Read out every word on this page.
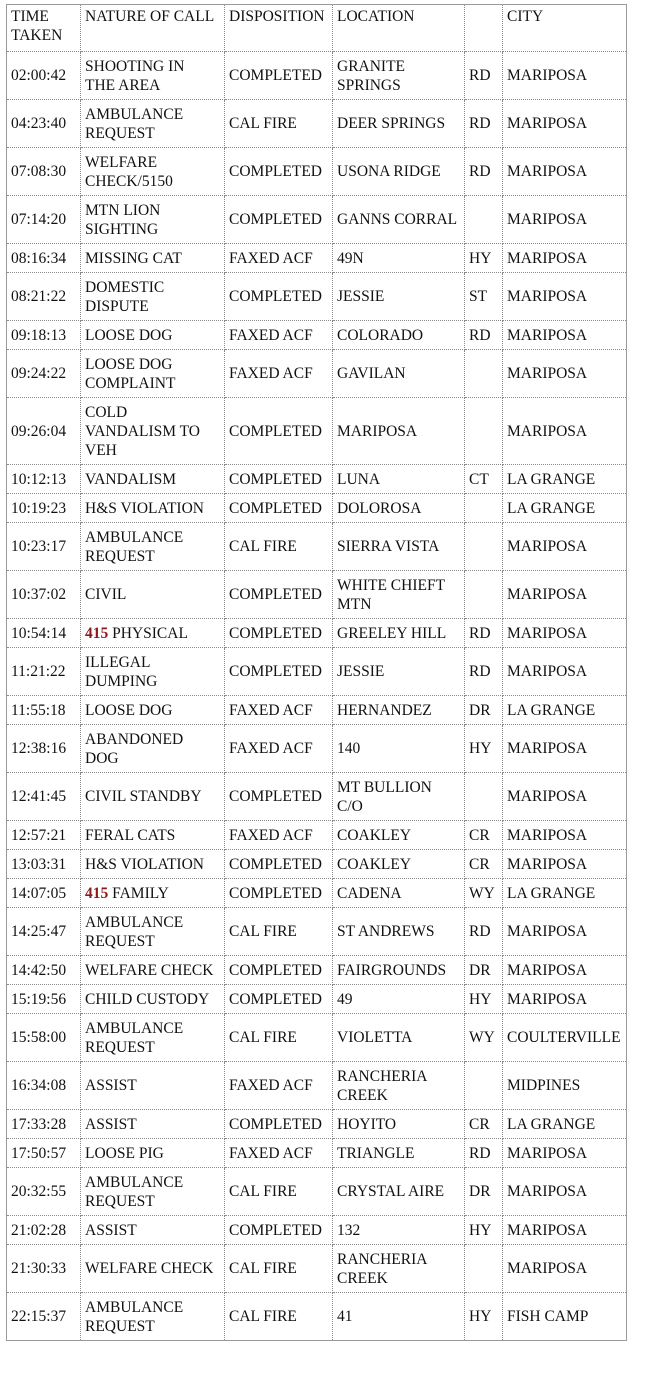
TIME
TAKEN	NATURE OF CALL	DISPOSITION	LOCATION		CITY
02:00:42	SHOOTING IN
THE AREA	COMPLETED	GRANITE
SPRINGS	RD	MARIPOSA
04:23:40	AMBULANCE
REQUEST	CAL FIRE	DEER SPRINGS	RD	MARIPOSA
07:08:30	WELFARE
CHECK/5150	COMPLETED	USONA RIDGE	RD	MARIPOSA
07:14:20	MTN LION
SIGHTING	COMPLETED	GANNS CORRAL		MARIPOSA
08:16:34	MISSING CAT	FAXED ACF	49N	HY	MARIPOSA
08:21:22	DOMESTIC
DISPUTE	COMPLETED	JESSIE	ST	MARIPOSA
09:18:13	LOOSE DOG	FAXED ACF	COLORADO	RD	MARIPOSA
09:24:22	LOOSE DOG
COMPLAINT	FAXED ACF	GAVILAN		MARIPOSA
09:26:04	COLD
VANDALISM TO
VEH	COMPLETED	MARIPOSA		MARIPOSA
10:12:13	VANDALISM	COMPLETED	LUNA	CT	LA GRANGE
10:19:23	H&S VIOLATION	COMPLETED	DOLOROSA		LA GRANGE
10:23:17	AMBULANCE
REQUEST	CAL FIRE	SIERRA VISTA		MARIPOSA
10:37:02	CIVIL	COMPLETED	WHITE CHIEFT
MTN		MARIPOSA
10:54:14	415 PHYSICAL	COMPLETED	GREELEY HILL	RD	MARIPOSA
11:21:22	ILLEGAL
DUMPING	COMPLETED	JESSIE	RD	MARIPOSA
11:55:18	LOOSE DOG	FAXED ACF	HERNANDEZ	DR	LA GRANGE
12:38:16	ABANDONED
DOG	FAXED ACF	140	HY	MARIPOSA
12:41:45	CIVIL STANDBY	COMPLETED	MT BULLION
C/O		MARIPOSA
12:57:21	FERAL CATS	FAXED ACF	COAKLEY	CR	MARIPOSA
13:03:31	H&S VIOLATION	COMPLETED	COAKLEY	CR	MARIPOSA
14:07:05	415 FAMILY	COMPLETED	CADENA	WY	LA GRANGE
14:25:47	AMBULANCE
REQUEST	CAL FIRE	ST ANDREWS	RD	MARIPOSA
14:42:50	WELFARE CHECK	COMPLETED	FAIRGROUNDS	DR	MARIPOSA
15:19:56	CHILD CUSTODY	COMPLETED	49	HY	MARIPOSA
15:58:00	AMBULANCE
REQUEST	CAL FIRE	VIOLETTA	WY	COULTERVILLE
16:34:08	ASSIST	FAXED ACF	RANCHERIA
CREEK		MIDPINES
17:33:28	ASSIST	COMPLETED	HOYITO	CR	LA GRANGE
17:50:57	LOOSE PIG	FAXED ACF	TRIANGLE	RD	MARIPOSA
20:32:55	AMBULANCE
REQUEST	CAL FIRE	CRYSTAL AIRE	DR	MARIPOSA
21:02:28	ASSIST	COMPLETED	132	HY	MARIPOSA
21:30:33	WELFARE CHECK	CAL FIRE	RANCHERIA
CREEK		MARIPOSA
22:15:37	AMBULANCE
REQUEST	CAL FIRE	41	HY	FISH CAMP
